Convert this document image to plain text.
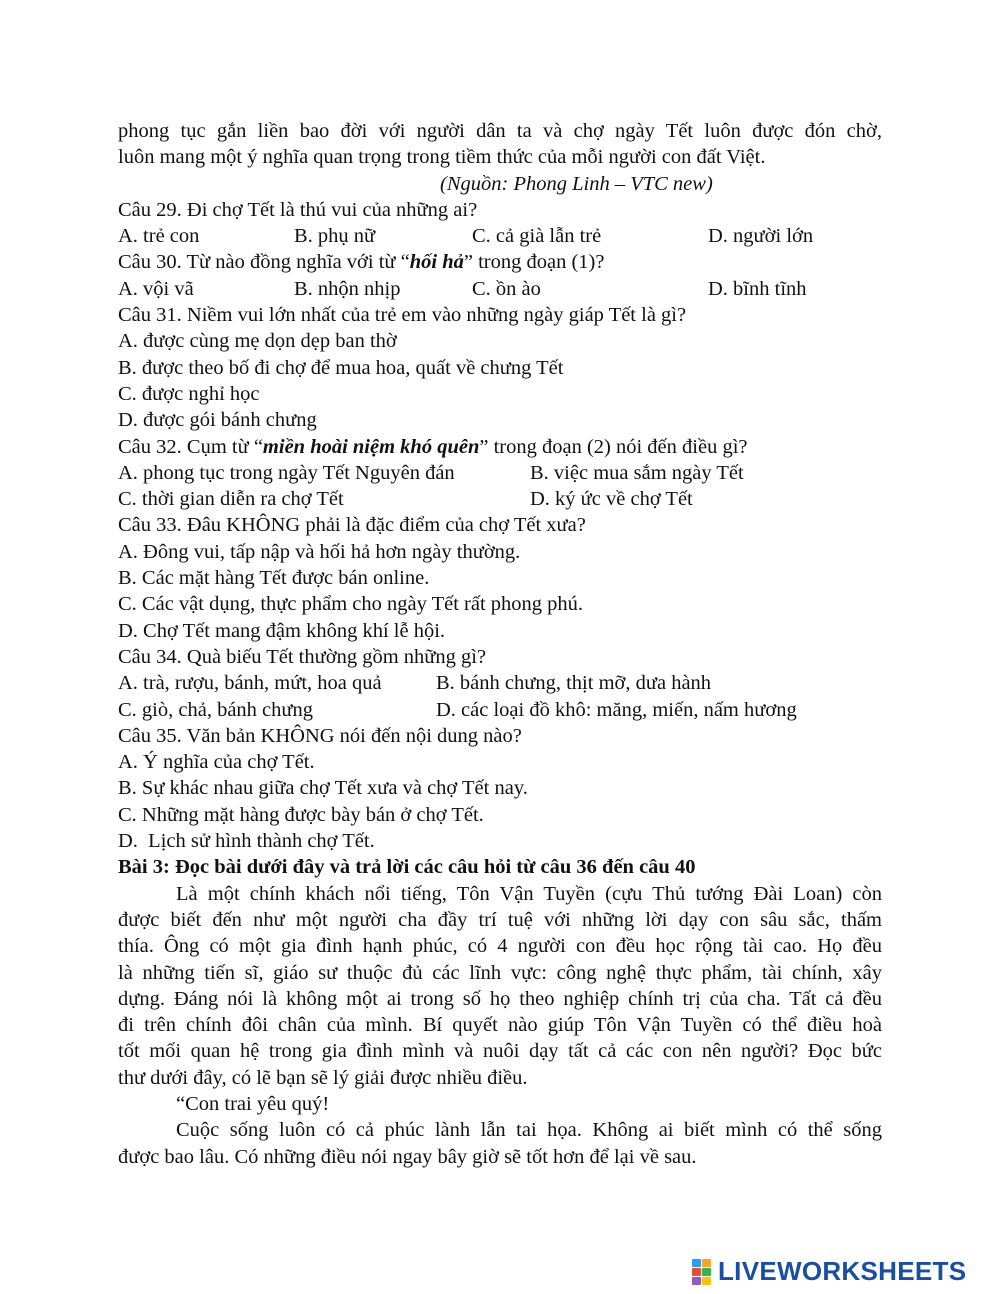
phong tục gắn liền bao đời với người dân ta và chợ ngày Tết luôn được đón chờ,
luôn mang một ý nghĩa quan trọng trong tiềm thức của mỗi người con đất Việt.
(Nguồn: Phong Linh – VTC new)
Câu 29. Đi chợ Tết là thú vui của những ai?
A. trẻ con	B. phụ nữ	C. cả già lẫn trẻ	D. người lớn
Câu 30. Từ nào đồng nghĩa với từ “hối hả” trong đoạn (1)?
A. vội vã	B. nhộn nhịp	C. ồn ào	D. bĩnh tĩnh
Câu 31. Niềm vui lớn nhất của trẻ em vào những ngày giáp Tết là gì?
A. được cùng mẹ dọn dẹp ban thờ
B. được theo bố đi chợ để mua hoa, quất về chưng Tết
C. được nghỉ học
D. được gói bánh chưng
Câu 32. Cụm từ “miền hoài niệm khó quên” trong đoạn (2) nói đến điều gì?
A. phong tục trong ngày Tết Nguyên đán	B. việc mua sắm ngày Tết
C. thời gian diễn ra chợ Tết	D. ký ức về chợ Tết
Câu 33. Đâu KHÔNG phải là đặc điểm của chợ Tết xưa?
A. Đông vui, tấp nập và hối hả hơn ngày thường.
B. Các mặt hàng Tết được bán online.
C. Các vật dụng, thực phẩm cho ngày Tết rất phong phú.
D. Chợ Tết mang đậm không khí lễ hội.
Câu 34. Quà biếu Tết thường gồm những gì?
A. trà, rượu, bánh, mứt, hoa quả	B. bánh chưng, thịt mỡ, dưa hành
C. giò, chả, bánh chưng	D. các loại đồ khô: măng, miến, nấm hương
Câu 35. Văn bản KHÔNG nói đến nội dung nào?
A. Ý nghĩa của chợ Tết.
B. Sự khác nhau giữa chợ Tết xưa và chợ Tết nay.
C. Những mặt hàng được bày bán ở chợ Tết.
D.  Lịch sử hình thành chợ Tết.
Bài 3: Đọc bài dưới đây và trả lời các câu hỏi từ câu 36 đến câu 40
Là một chính khách nổi tiếng, Tôn Vận Tuyền (cựu Thủ tướng Đài Loan) còn
được biết đến như một người cha đầy trí tuệ với những lời dạy con sâu sắc, thấm
thía. Ông có một gia đình hạnh phúc, có 4 người con đều học rộng tài cao. Họ đều
là những tiến sĩ, giáo sư thuộc đủ các lĩnh vực: công nghệ thực phẩm, tài chính, xây
dựng. Đáng nói là không một ai trong số họ theo nghiệp chính trị của cha. Tất cả đều
đi trên chính đôi chân của mình. Bí quyết nào giúp Tôn Vận Tuyền có thể điều hoà
tốt mối quan hệ trong gia đình mình và nuôi dạy tất cả các con nên người? Đọc bức
thư dưới đây, có lẽ bạn sẽ lý giải được nhiều điều.
“Con trai yêu quý!
Cuộc sống luôn có cả phúc lành lẫn tai họa. Không ai biết mình có thể sống
được bao lâu. Có những điều nói ngay bây giờ sẽ tốt hơn để lại về sau.
LIVEWORKSHEETS
